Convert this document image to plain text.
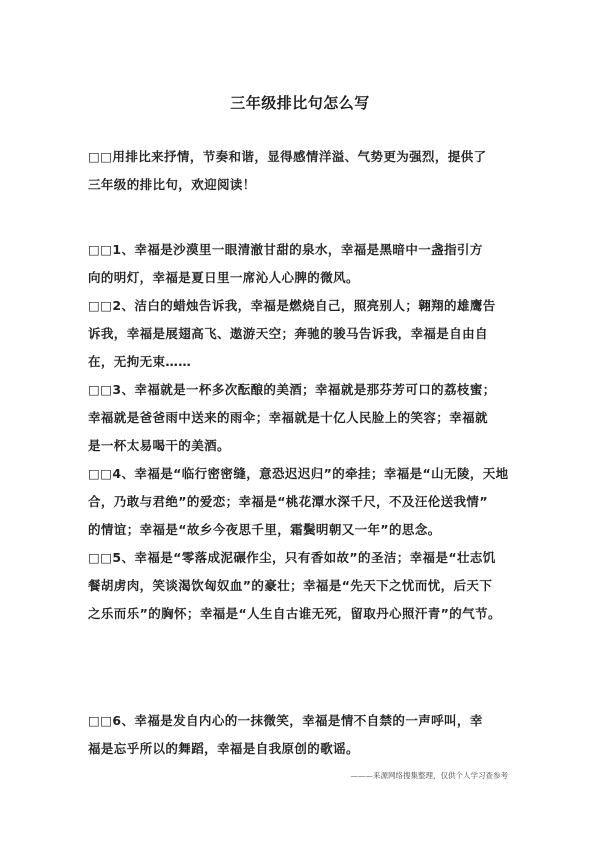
三年级排比句怎么写
□□用排比来抒情，节奏和谐，显得感情洋溢、气势更为强烈，提供了
三年级的排比句，欢迎阅读！
□□1、幸福是沙漠里一眼清澈甘甜的泉水，幸福是黑暗中一盏指引方
向的明灯，幸福是夏日里一席沁人心脾的微风。
□□2、洁白的蜡烛告诉我，幸福是燃烧自己，照亮别人；翱翔的雄鹰告
诉我，幸福是展翅高飞、遨游天空；奔驰的骏马告诉我，幸福是自由自
在，无拘无束……
□□3、幸福就是一杯多次酝酿的美酒；幸福就是那芬芳可口的荔枝蜜；
幸福就是爸爸雨中送来的雨伞；幸福就是十亿人民脸上的笑容；幸福就
是一杯太易喝干的美酒。
□□4、幸福是“临行密密缝，意恐迟迟归”的牵挂；幸福是“山无陵，天地
合，乃敢与君绝”的爱恋；幸福是“桃花潭水深千尺，不及汪伦送我情”
的情谊；幸福是“故乡今夜思千里，霜鬓明朝又一年”的思念。
□□5、幸福是“零落成泥碾作尘，只有香如故”的圣洁；幸福是“壮志饥
餐胡虏肉，笑谈渴饮匈奴血”的豪壮；幸福是“先天下之忧而忧，后天下
之乐而乐”的胸怀；幸福是“人生自古谁无死，留取丹心照汗青”的气节。
□□6、幸福是发自内心的一抹微笑，幸福是情不自禁的一声呼叫，幸
福是忘乎所以的舞蹈，幸福是自我原创的歌谣。
———来源网络搜集整理，仅供个人学习查参考
